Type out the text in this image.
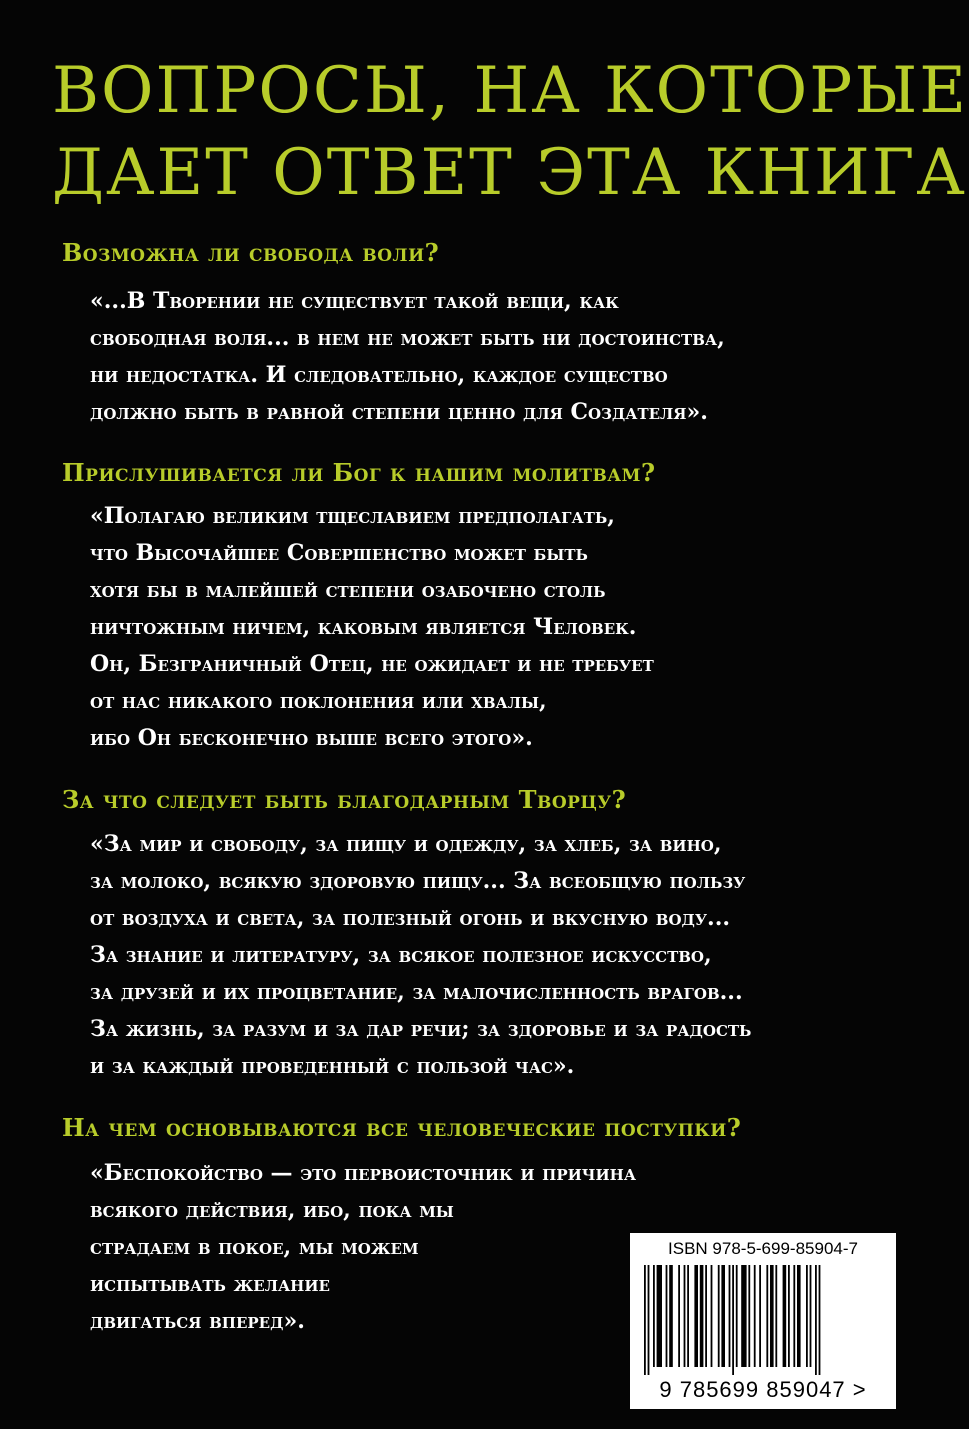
ВОПРОСЫ, НА КОТОРЫЕ
ДАЕТ ОТВЕТ ЭТА КНИГА
Возможна ли свобода воли?
«...В Творении не существует такой вещи, как
свободная воля... в нем не может быть ни достоинства,
ни недостатка. И следовательно, каждое существо
должно быть в равной степени ценно для Создателя».
Прислушивается ли Бог к нашим молитвам?
«Полагаю великим тщеславием предполагать,
что Высочайшее Совершенство может быть
хотя бы в малейшей степени озабочено столь
ничтожным ничем, каковым является Человек.
Он, Безграничный Отец, не ожидает и не требует
от нас никакого поклонения или хвалы,
ибо Он бесконечно выше всего этого».
За что следует быть благодарным Творцу?
«За мир и свободу, за пищу и одежду, за хлеб, за вино,
за молоко, всякую здоровую пищу... За всеобщую пользу
от воздуха и света, за полезный огонь и вкусную воду...
За знание и литературу, за всякое полезное искусство,
за друзей и их процветание, за малочисленность врагов...
За жизнь, за разум и за дар речи; за здоровье и за радость
и за каждый проведенный с пользой час».
На чем основываются все человеческие поступки?
«Беспокойство — это первоисточник и причина
всякого действия, ибо, пока мы
страдаем в покое, мы можем
испытывать желание
двигаться вперед».
ISBN 978-5-699-85904-7
9 785699 859047 >
